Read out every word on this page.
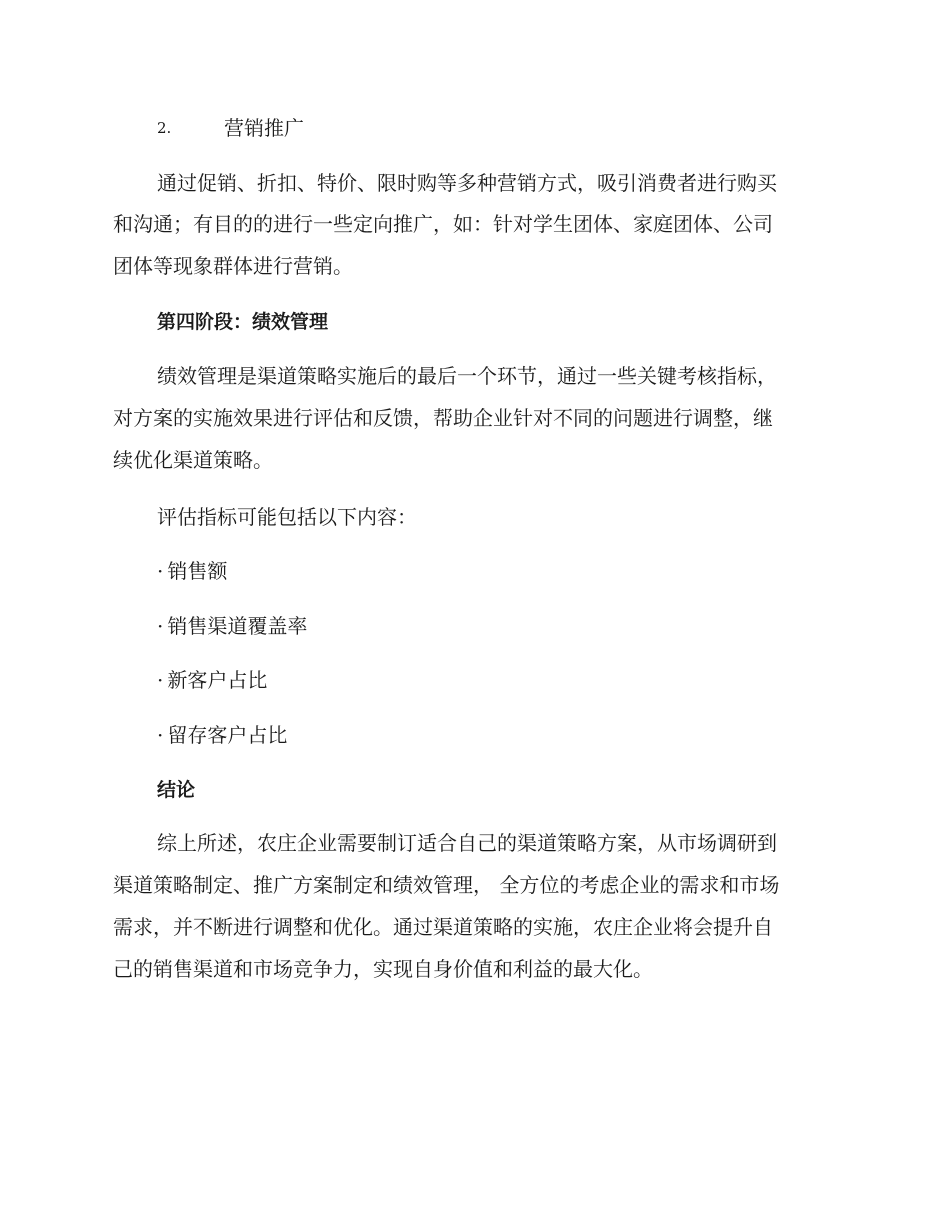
2.	营销推广
通过促销、折扣、特价、限时购等多种营销方式，吸引消费者进行购买
和沟通；有目的的进行一些定向推广，如：针对学生团体、家庭团体、公司
团体等现象群体进行营销。
第四阶段：绩效管理
绩效管理是渠道策略实施后的最后一个环节，通过一些关键考核指标，
对方案的实施效果进行评估和反馈，帮助企业针对不同的问题进行调整，继
续优化渠道策略。
评估指标可能包括以下内容：
· 销售额
· 销售渠道覆盖率
· 新客户占比
· 留存客户占比
结论
综上所述，农庄企业需要制订适合自己的渠道策略方案，从市场调研到
渠道策略制定、推广方案制定和绩效管理， 全方位的考虑企业的需求和市场
需求，并不断进行调整和优化。通过渠道策略的实施，农庄企业将会提升自
己的销售渠道和市场竞争力，实现自身价值和利益的最大化。
